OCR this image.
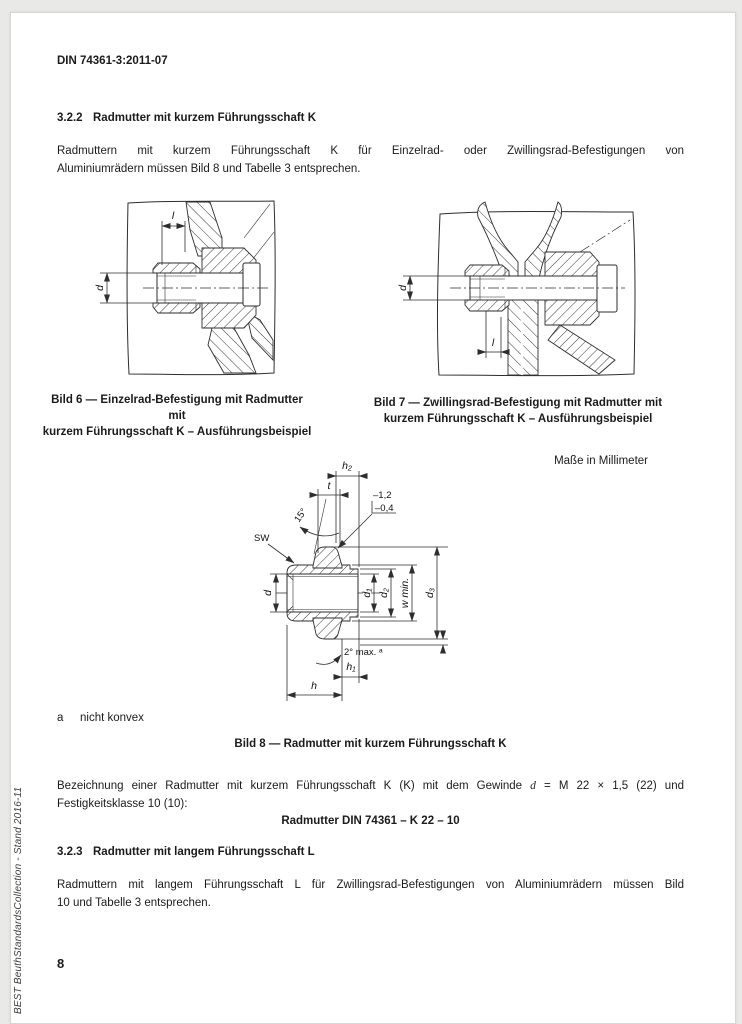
DIN 74361-3:2011-07
3.2.2 Radmutter mit kurzem Führungsschaft K
Radmuttern mit kurzem Führungsschaft K für Einzelrad- oder Zwillingsrad-Befestigungen von
Aluminiumrädern müssen Bild 8 und Tabelle 3 entsprechen.
l
d	d
l
Bild 6 — Einzelrad-Befestigung mit Radmutter mit
kurzem Führungsschaft K – Ausführungsbeispiel
Bild 7 — Zwillingsrad-Befestigung mit Radmutter mit
kurzem Führungsschaft K – Ausführungsbeispiel
Maße in Millimeter
h₂
t
15°
SW
–1,2
–0,4
d	d₁ d₂ w min. d₃
2° max. ᵃ
h₁
h
a nicht konvex
Bild 8 — Radmutter mit kurzem Führungsschaft K
Bezeichnung einer Radmutter mit kurzem Führungsschaft K (K) mit dem Gewinde d = M 22 × 1,5 (22) und
Festigkeitsklasse 10 (10):
Radmutter DIN 74361 – K 22 – 10
3.2.3 Radmutter mit langem Führungsschaft L
Radmuttern mit langem Führungsschaft L für Zwillingsrad-Befestigungen von Aluminiumrädern müssen Bild
10 und Tabelle 3 entsprechen.
8
BEST BeuthStandardsCollection - Stand 2016-11
